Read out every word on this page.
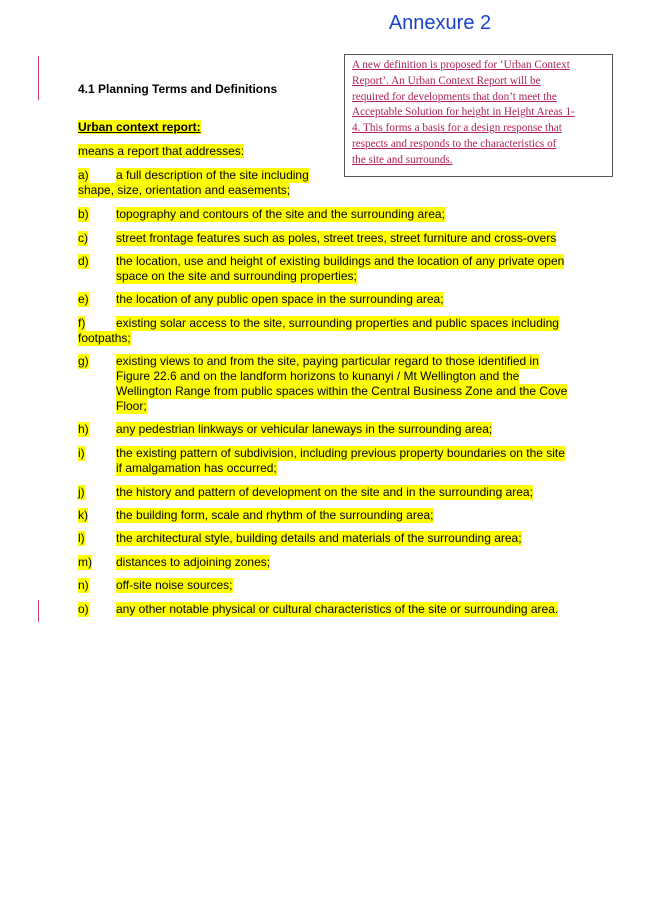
Annexure 2
A new definition is proposed for ‘Urban Context
Report’. An Urban Context Report will be
required for developments that don’t meet the
Acceptable Solution for height in Height Areas 1-
4. This forms a basis for a design response that
respects and responds to the characteristics of
the site and surrounds.
4.1 Planning Terms and Definitions
Urban context report:
means a report that addresses:
a) a full description of the site including
shape, size, orientation and easements;
b) topography and contours of the site and the surrounding area;
c) street frontage features such as poles, street trees, street furniture and cross-overs
d) the location, use and height of existing buildings and the location of any private open
space on the site and surrounding properties;
e) the location of any public open space in the surrounding area;
f)	existing solar access to the site, surrounding properties and public spaces including
footpaths;
g) existing views to and from the site, paying particular regard to those identified in
Figure 22.6 and on the landform horizons to kunanyi / Mt Wellington and the
Wellington Range from public spaces within the Central Business Zone and the Cove
Floor;
h) any pedestrian linkways or vehicular laneways in the surrounding area;
i)	the existing pattern of subdivision, including previous property boundaries on the site
if amalgamation has occurred;
j)	the history and pattern of development on the site and in the surrounding area;
k) the building form, scale and rhythm of the surrounding area;
l)	the architectural style, building details and materials of the surrounding area;
m) distances to adjoining zones;
n) off-site noise sources;
o) any other notable physical or cultural characteristics of the site or surrounding area.
